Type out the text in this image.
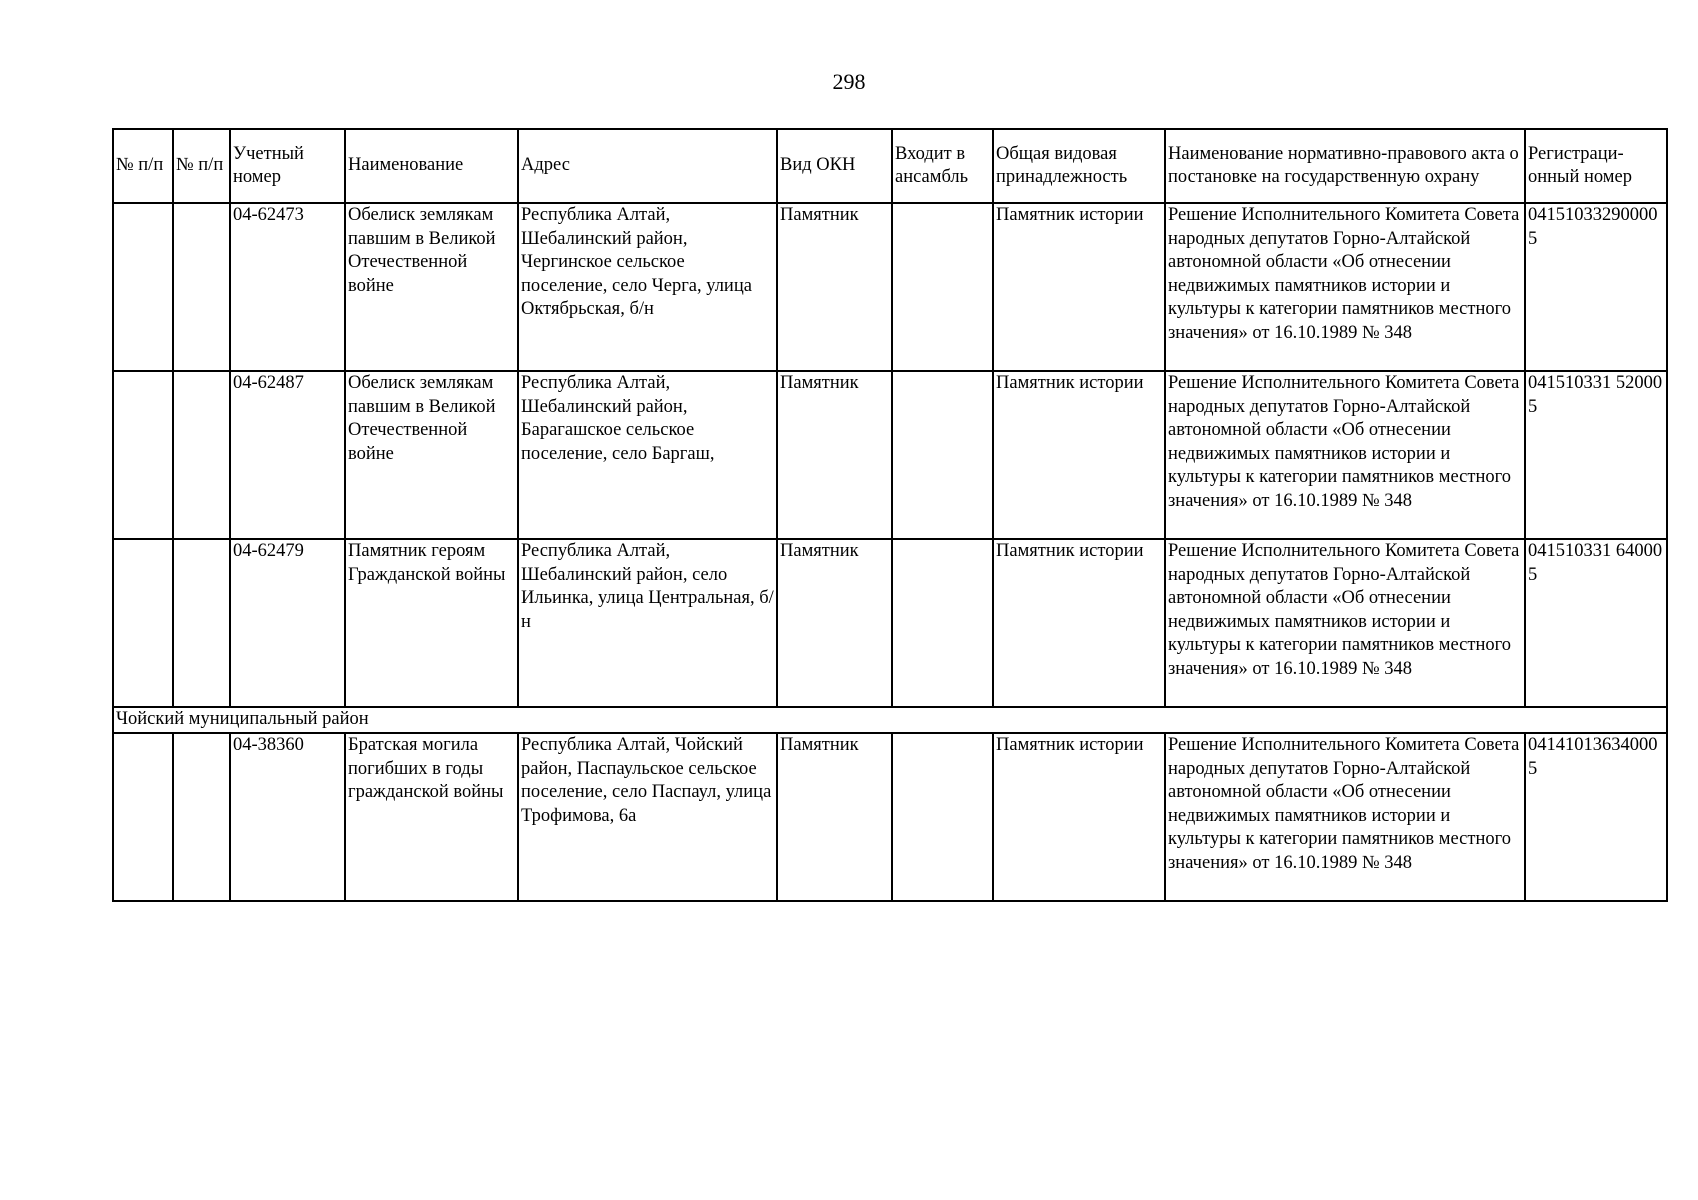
298
№ п/п	№ п/п	Учетный номер	Наименование	Адрес	Вид ОКН	Входит в ансамбль	Общая видовая принадлежность	Наименование нормативно-правового акта о постановке на государственную охрану	Регистраци-онный номер
		04-62473	Обелиск землякам павшим в Великой Отечественной войне	Республика Алтай, Шебалинский район, Чергинское сельское поселение, село Черга, улица Октябрьская, б/н	Памятник		Памятник истории	Решение Исполнительного Комитета Совета народных депутатов Горно-Алтайской автономной области «Об отнесении недвижимых памятников истории и культуры к категории памятников местного значения» от 16.10.1989 № 348	041510332900005
		04-62487	Обелиск землякам павшим в Великой Отечественной войне	Республика Алтай, Шебалинский район, Барагашское сельское поселение, село Баргаш,	Памятник		Памятник истории	Решение Исполнительного Комитета Совета народных депутатов Горно-Алтайской автономной области «Об отнесении недвижимых памятников истории и культуры к категории памятников местного значения» от 16.10.1989 № 348	041510331 520005
		04-62479	Памятник героям Гражданской войны	Республика Алтай, Шебалинский район, село Ильинка, улица Центральная, б/н	Памятник		Памятник истории	Решение Исполнительного Комитета Совета народных депутатов Горно-Алтайской автономной области «Об отнесении недвижимых памятников истории и культуры к категории памятников местного значения» от 16.10.1989 № 348	041510331 640005
Чойский муниципальный район									
		04-38360	Братская могила погибших в годы гражданской войны	Республика Алтай, Чойский район, Паспаульское сельское поселение, село Паспаул, улица Трофимова, 6а	Памятник		Памятник истории	Решение Исполнительного Комитета Совета народных депутатов Горно-Алтайской автономной области «Об отнесении недвижимых памятников истории и культуры к категории памятников местного значения» от 16.10.1989 № 348	041410136340005
